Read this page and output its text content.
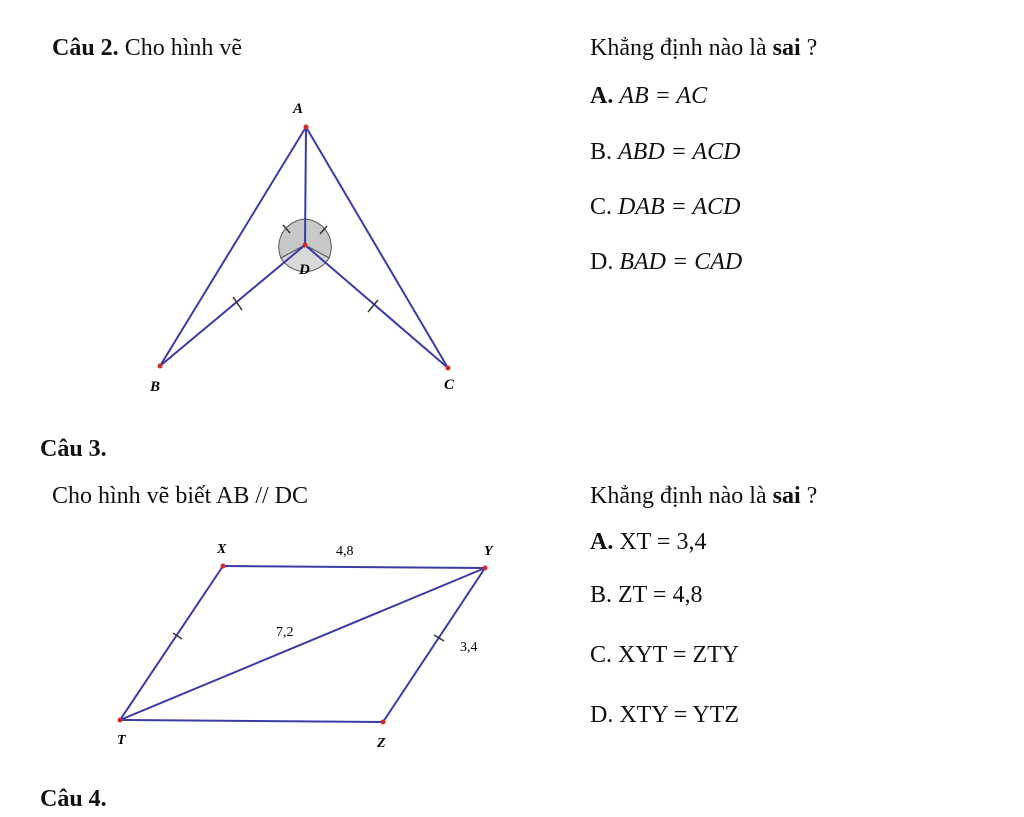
Câu 2. Cho hình vẽ	Khẳng định nào là sai ?
A. AB = AC
B. ABD = ACD
C. DAB = ACD
D. BAD = CAD
A
B	C
D
Câu 3.
Cho hình vẽ biết AB // DC	Khẳng định nào là sai ?
A. XT = 3,4
B. ZT = 4,8
C. XYT = ZTY
D. XTY = YTZ
X	Y
T	Z
4,8
7,2
3,4
Câu 4.
